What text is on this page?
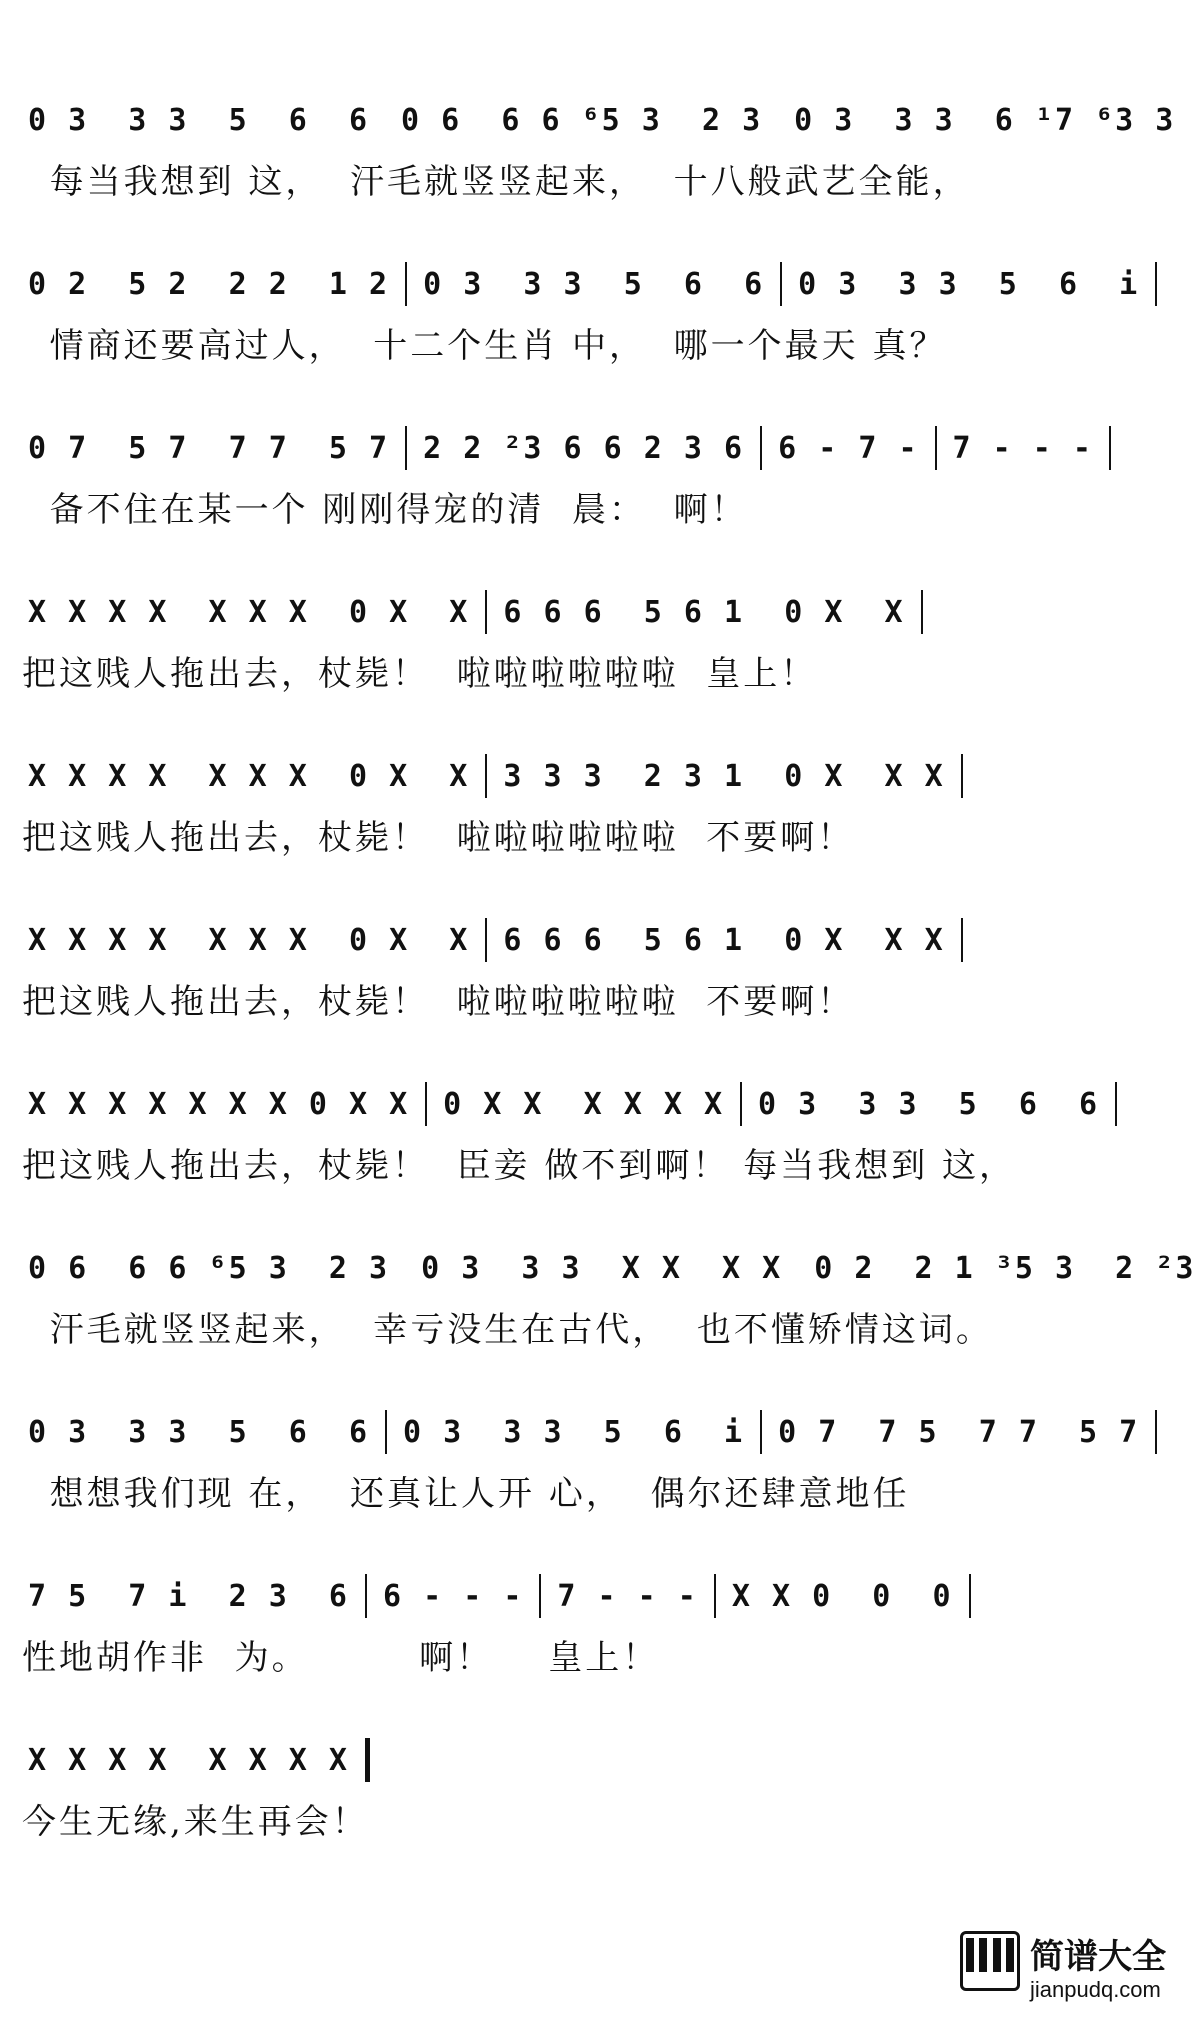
0 3  3 3  5  6  6 0 6  6 6 ⁶5 3  2 3 0 3  3 3  6 ¹7 ⁶3 3
每当我想到 这，  汗毛就竖竖起来，  十八般武艺全能，
0 2  5 2  2 2  1 2 0 3  3 3  5  6  6 0 3  3 3  5  6  i
情商还要高过人，  十二个生肖 中，  哪一个最天 真？
0 7  5 7  7 7  5 7 2 2 ²3 6 6 2 3 6 6 - 7 - 7 - - -
备不住在某一个 刚刚得宠的清  晨：  啊！
X X X X  X X X  0 X  X 6 6 6  5 6 1  0 X  X
把这贱人拖出去，杖毙！  啦啦啦啦啦啦  皇上！
X X X X  X X X  0 X  X 3 3 3  2 3 1  0 X  X X
把这贱人拖出去，杖毙！  啦啦啦啦啦啦  不要啊！
X X X X  X X X  0 X  X 6 6 6  5 6 1  0 X  X X
把这贱人拖出去，杖毙！  啦啦啦啦啦啦  不要啊！
X X X X X X X 0 X X 0 X X  X X X X 0 3  3 3  5  6  6
把这贱人拖出去，杖毙！  臣妾 做不到啊！ 每当我想到 这，
0 6  6 6 ⁶5 3  2 3 0 3  3 3  X X  X X 0 2  2 1 ³5 3  2 ²3
汗毛就竖竖起来，  幸亏没生在古代，  也不懂矫情这词。
0 3  3 3  5  6  6 0 3  3 3  5  6  i 0 7  7 5  7 7  5 7
想想我们现 在，  还真让人开 心，  偶尔还肆意地任
7 5  7 i  2 3  6 6 - - - 7 - - - X X 0  0  0
性地胡作非  为。        啊！    皇上！
X X X X  X X X X
今生无缘,来生再会！
简谱大全
jianpudq.com
